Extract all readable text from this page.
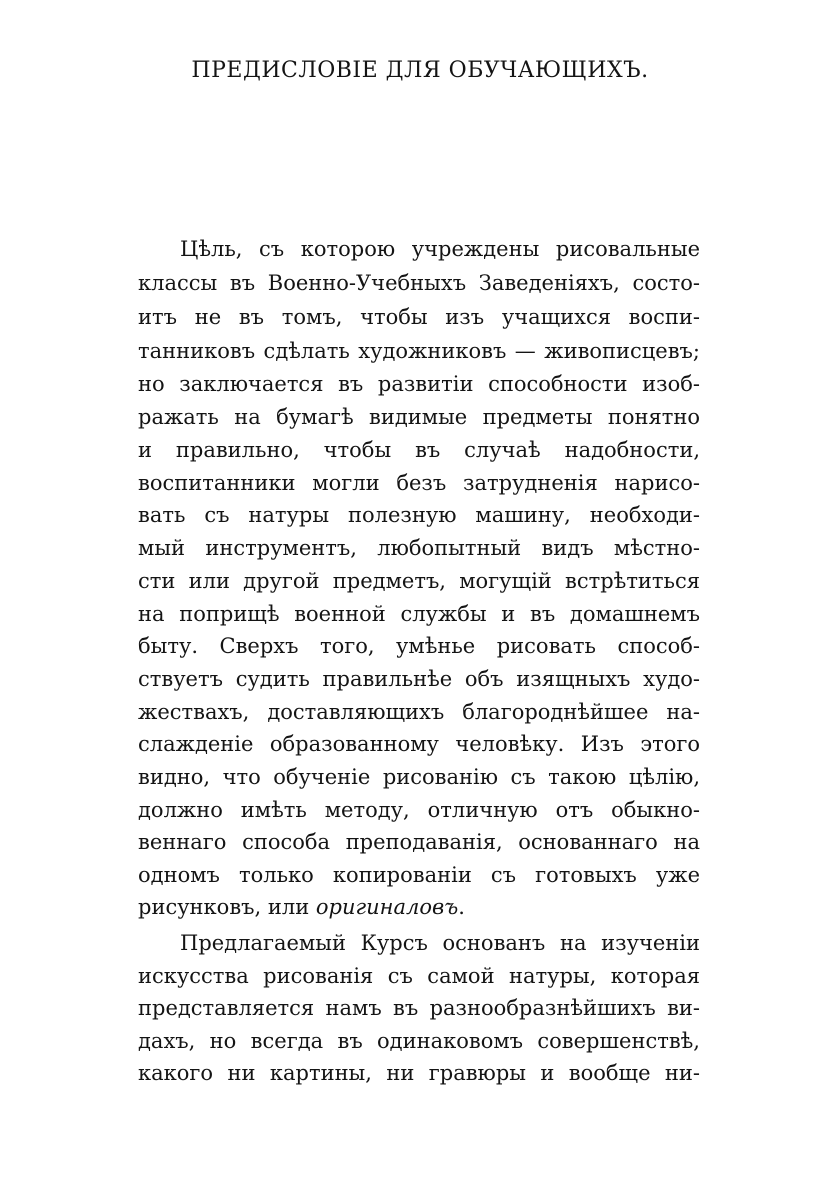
ПРЕДИСЛОВІЕ ДЛЯ ОБУЧАЮЩИХЪ.
Цѣль, съ которою учреждены рисовальные
классы въ Военно-Учебныхъ Заведеніяхъ, состо-
итъ не въ томъ, чтобы изъ учащихся воспи-
танниковъ сдѣлать художниковъ — живописцевъ;
но заключается въ развитіи способности изоб-
ражать на бумагѣ видимые предметы понятно
и правильно, чтобы въ случаѣ надобности,
воспитанники могли безъ затрудненія нарисо-
вать съ натуры полезную машину, необходи-
мый инструментъ, любопытный видъ мѣстно-
сти или другой предметъ, могущій встрѣтиться
на поприщѣ военной службы и въ домашнемъ
быту. Сверхъ того, умѣнье рисовать способ-
ствуетъ судить правильнѣе объ изящныхъ худо-
жествахъ, доставляющихъ благороднѣйшее на-
слажденіе образованному человѣку. Изъ этого
видно, что обученіе рисованію съ такою цѣлію,
должно имѣть методу, отличную отъ обыкно-
веннаго способа преподаванія, основаннаго на
одномъ только копированіи съ готовыхъ уже
рисунковъ, или оригиналовъ.
Предлагаемый Курсъ основанъ на изученіи
искусства рисованія съ самой натуры, которая
представляется намъ въ разнообразнѣйшихъ ви-
дахъ, но всегда въ одинаковомъ совершенствѣ,
какого ни картины, ни гравюры и вообще ни-
